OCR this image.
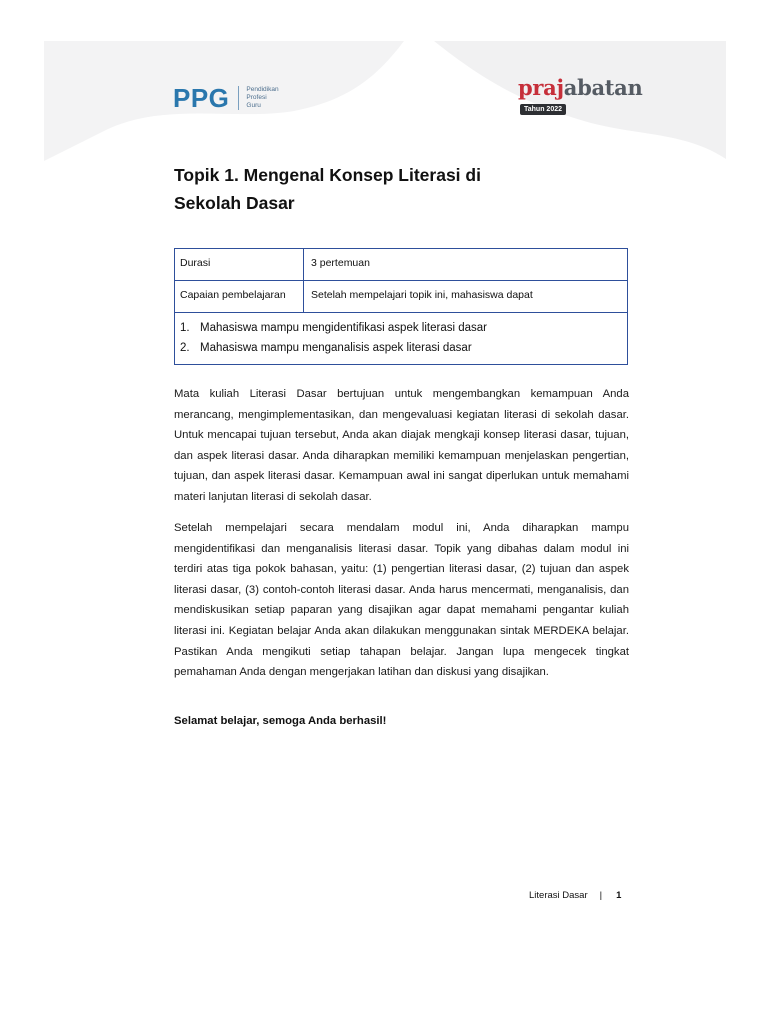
PPG	Pendidikan
Profesi
Guru
prajabatan
Tahun 2022
Topik 1. Mengenal Konsep Literasi di
Sekolah Dasar
Durasi	3 pertemuan
Capaian pembelajaran	Setelah mempelajari topik ini, mahasiswa dapat
1. Mahasiswa mampu mengidentifikasi aspek literasi dasar
2. Mahasiswa mampu menganalisis aspek literasi dasar

Mata kuliah Literasi Dasar bertujuan untuk mengembangkan kemampuan Anda merancang, mengimplementasikan, dan mengevaluasi kegiatan literasi di sekolah dasar. Untuk mencapai tujuan tersebut, Anda akan diajak mengkaji konsep literasi dasar, tujuan, dan aspek literasi dasar. Anda diharapkan memiliki kemampuan menjelaskan pengertian, tujuan, dan aspek literasi dasar. Kemampuan awal ini sangat diperlukan untuk memahami materi lanjutan literasi di sekolah dasar.

Setelah mempelajari secara mendalam modul ini, Anda diharapkan mampu mengidentifikasi dan menganalisis literasi dasar. Topik yang dibahas dalam modul ini terdiri atas tiga pokok bahasan, yaitu: (1) pengertian literasi dasar, (2) tujuan dan aspek literasi dasar, (3) contoh-contoh literasi dasar. Anda harus mencermati, menganalisis, dan mendiskusikan setiap paparan yang disajikan agar dapat memahami pengantar kuliah literasi ini. Kegiatan belajar Anda akan dilakukan menggunakan sintak MERDEKA belajar. Pastikan Anda mengikuti setiap tahapan belajar. Jangan lupa mengecek tingkat pemahaman Anda dengan mengerjakan latihan dan diskusi yang disajikan.

Selamat belajar, semoga Anda berhasil!
Literasi Dasar | 1
